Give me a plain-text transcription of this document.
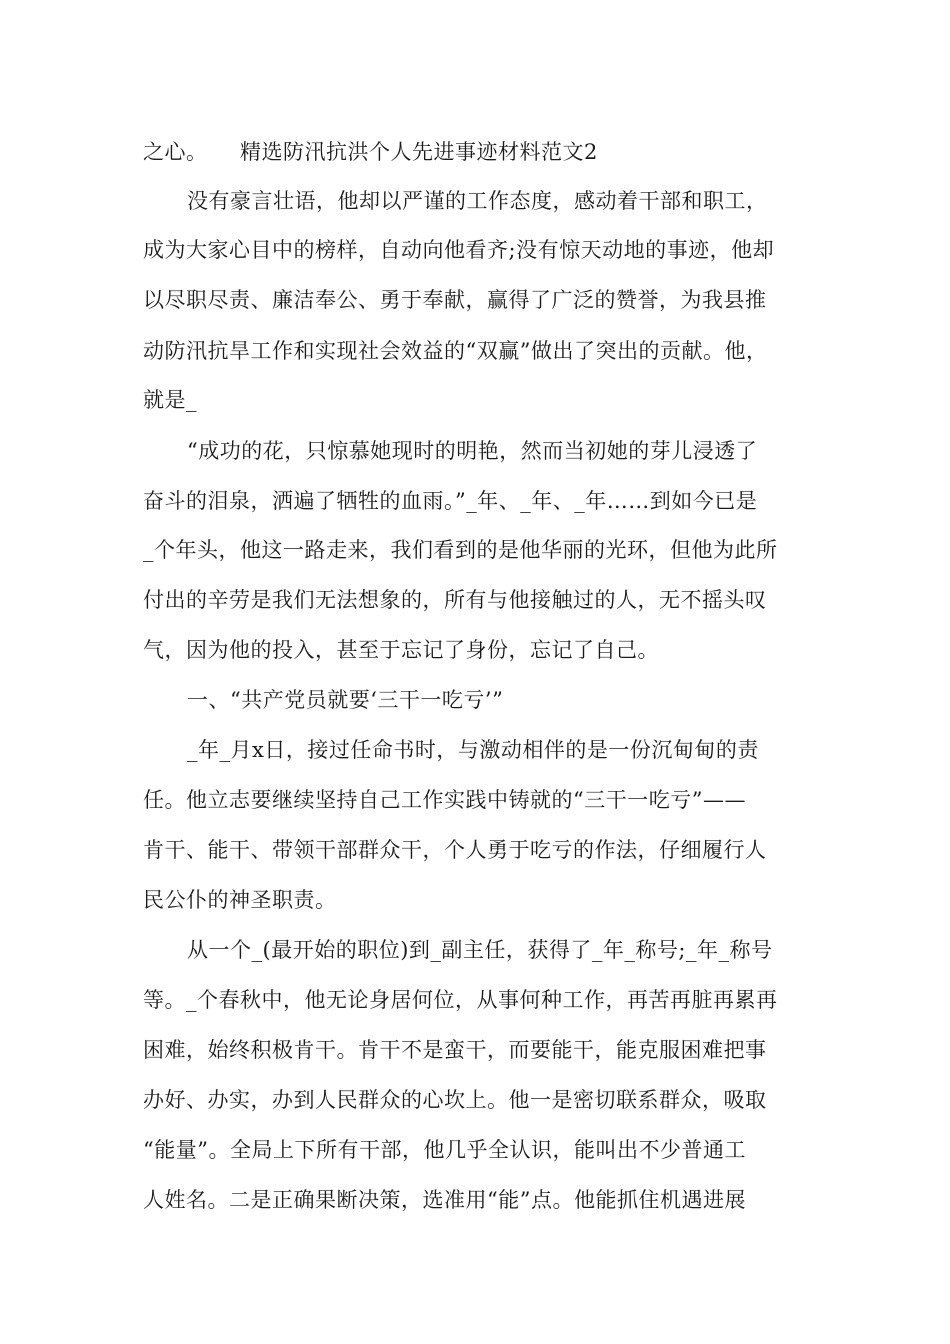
之心。　　精选防汛抗洪个人先进事迹材料范文2
没有豪言壮语，他却以严谨的工作态度，感动着干部和职工，
成为大家心目中的榜样，自动向他看齐;没有惊天动地的事迹，他却
以尽职尽责、廉洁奉公、勇于奉献，赢得了广泛的赞誉，为我县推
动防汛抗旱工作和实现社会效益的“双赢”做出了突出的贡献。他，
就是_
“成功的花，只惊慕她现时的明艳，然而当初她的芽儿浸透了
奋斗的泪泉，洒遍了牺牲的血雨。”_年、_年、_年……到如今已是
_个年头，他这一路走来，我们看到的是他华丽的光环，但他为此所
付出的辛劳是我们无法想象的，所有与他接触过的人，无不摇头叹
气，因为他的投入，甚至于忘记了身份，忘记了自己。
一、“共产党员就要‘三干一吃亏’”
_年_月x日，接过任命书时，与激动相伴的是一份沉甸甸的责
任。他立志要继续坚持自己工作实践中铸就的“三干一吃亏”——
肯干、能干、带领干部群众干，个人勇于吃亏的作法，仔细履行人
民公仆的神圣职责。
从一个_(最开始的职位)到_副主任，获得了_年_称号;_年_称号
等。_个春秋中，他无论身居何位，从事何种工作，再苦再脏再累再
困难，始终积极肯干。肯干不是蛮干，而要能干，能克服困难把事
办好、办实，办到人民群众的心坎上。他一是密切联系群众，吸取
“能量”。全局上下所有干部，他几乎全认识，能叫出不少普通工
人姓名。二是正确果断决策，选准用“能”点。他能抓住机遇进展
